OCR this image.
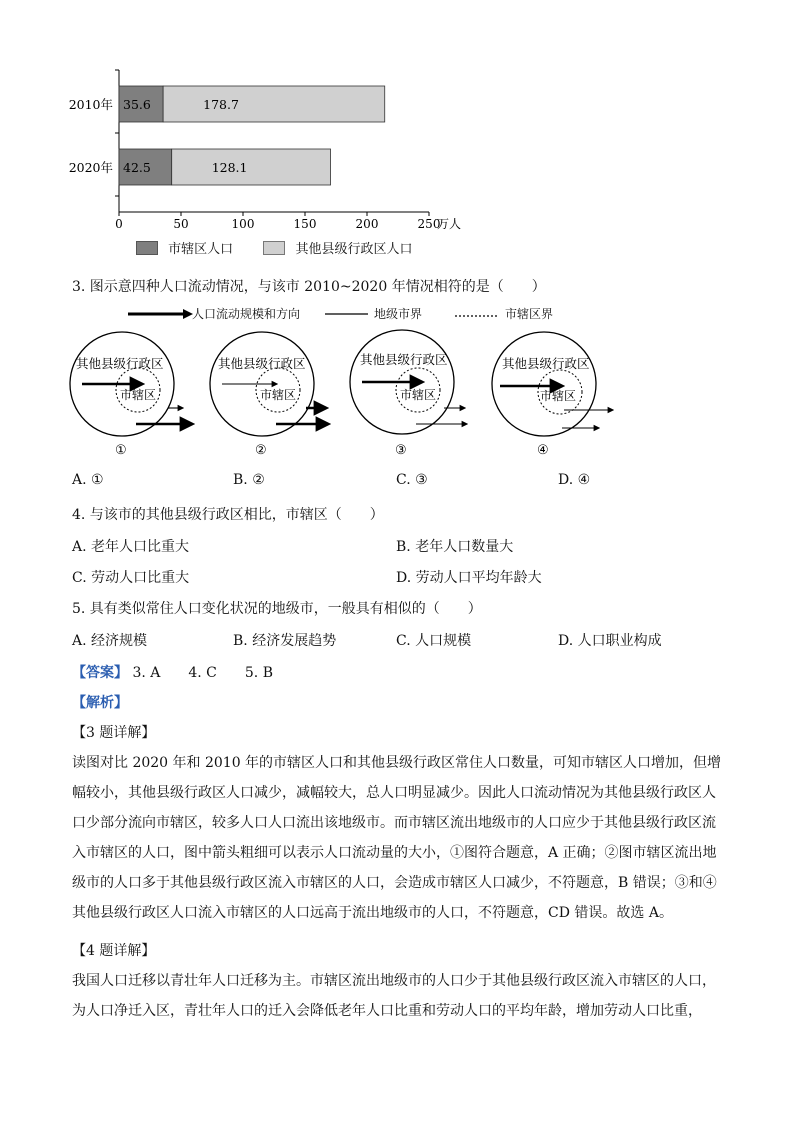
0	50	100	150	200	250
万人
2010年 35.6	178.7
2020年 42.5	128.1
市辖区人口	其他县级行政区人口
3. 图示意四种人口流动情况，与该市 2010~2020 年情况相符的是（　　）
人口流动规模和方向	地级市界	市辖区界
其他县级行政区
市辖区
①
其他县级行政区
市辖区
②
其他县级行政区
市辖区
③
其他县级行政区
市辖区
④
A. ①	B. ②	C. ③	D. ④
4. 与该市的其他县级行政区相比，市辖区（　　）
A. 老年人口比重大	B. 老年人口数量大
C. 劳动人口比重大	D. 劳动人口平均年龄大
5. 具有类似常住人口变化状况的地级市，一般具有相似的（　　）
A. 经济规模	B. 经济发展趋势	C. 人口规模	D. 人口职业构成
【答案】 3. A　　4. C　　5. B
【解析】
【3 题详解】
读图对比 2020 年和 2010 年的市辖区人口和其他县级行政区常住人口数量，可知市辖区人口增加，但增幅较小，其他县级行政区人口减少，减幅较大，总人口明显减少。因此人口流动情况为其他县级行政区人口少部分流向市辖区，较多人口人口流出该地级市。而市辖区流出地级市的人口应少于其他县级行政区流入市辖区的人口，图中箭头粗细可以表示人口流动量的大小，①图符合题意，A 正确；②图市辖区流出地级市的人口多于其他县级行政区流入市辖区的人口，会造成市辖区人口减少，不符题意，B 错误；③和④其他县级行政区人口流入市辖区的人口远高于流出地级市的人口，不符题意，CD 错误。故选 A。
【4 题详解】
我国人口迁移以青壮年人口迁移为主。市辖区流出地级市的人口少于其他县级行政区流入市辖区的人口，为人口净迁入区，青壮年人口的迁入会降低老年人口比重和劳动人口的平均年龄，增加劳动人口比重，
